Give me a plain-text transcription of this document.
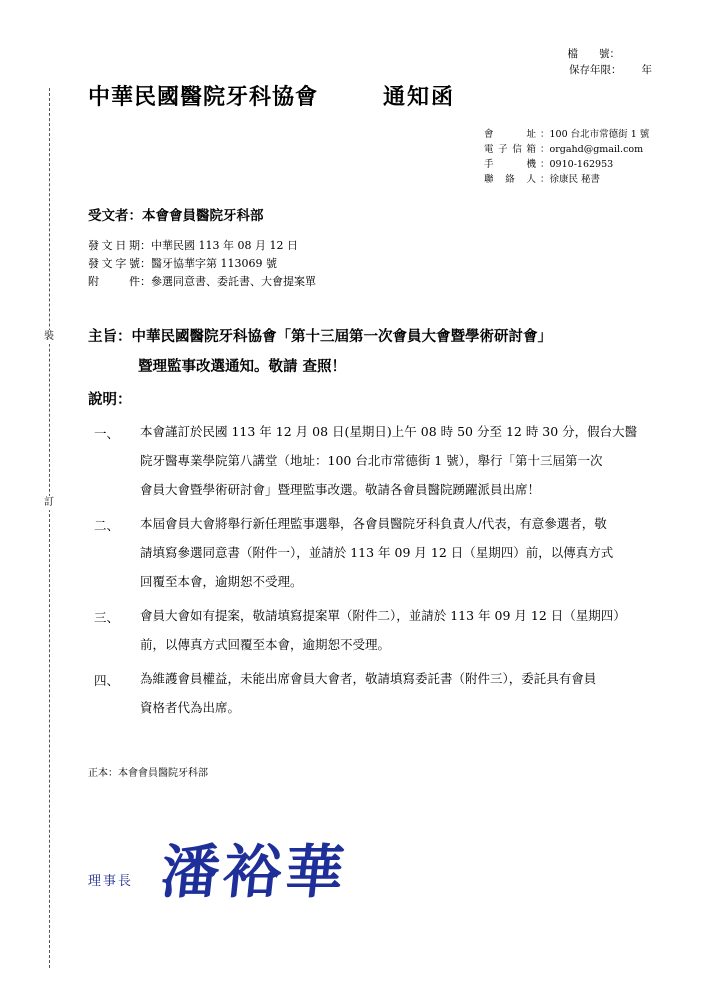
裝
訂
檔　　號：
保存年限： 年
中華民國醫院牙科協會	通知函
會址 ： 100 台北市常德街 1 號
電子信箱 ： orgahd@gmail.com
手機 ： 0910-162953
聯絡人 ： 徐康民 秘書
受文者：本會會員醫院牙科部
發文日期 ： 中華民國 113 年 08 月 12 日
發文字號 ： 醫牙協華字第 113069 號
附件 ： 參選同意書、委託書、大會提案單
主旨：中華民國醫院牙科協會「第十三屆第一次會員大會暨學術研討會」
暨理監事改選通知。敬請 查照！
說明：
一、	本會謹訂於民國 113 年 12 月 08 日(星期日)上午 08 時 50 分至 12 時 30 分，假台大醫
院牙醫專業學院第八講堂（地址：100 台北市常德街 1 號），舉行「第十三屆第一次
會員大會暨學術研討會」暨理監事改選。敬請各會員醫院踴躍派員出席！
二、	本屆會員大會將舉行新任理監事選舉，各會員醫院牙科負責人/代表，有意參選者，敬
請填寫參選同意書（附件一），並請於 113 年 09 月 12 日（星期四）前，以傳真方式
回覆至本會，逾期恕不受理。
三、	會員大會如有提案，敬請填寫提案單（附件二），並請於 113 年 09 月 12 日（星期四）
前，以傳真方式回覆至本會，逾期恕不受理。
四、	為維護會員權益，未能出席會員大會者，敬請填寫委託書（附件三），委託具有會員
資格者代為出席。
正本：本會會員醫院牙科部
理事長 潘裕華
